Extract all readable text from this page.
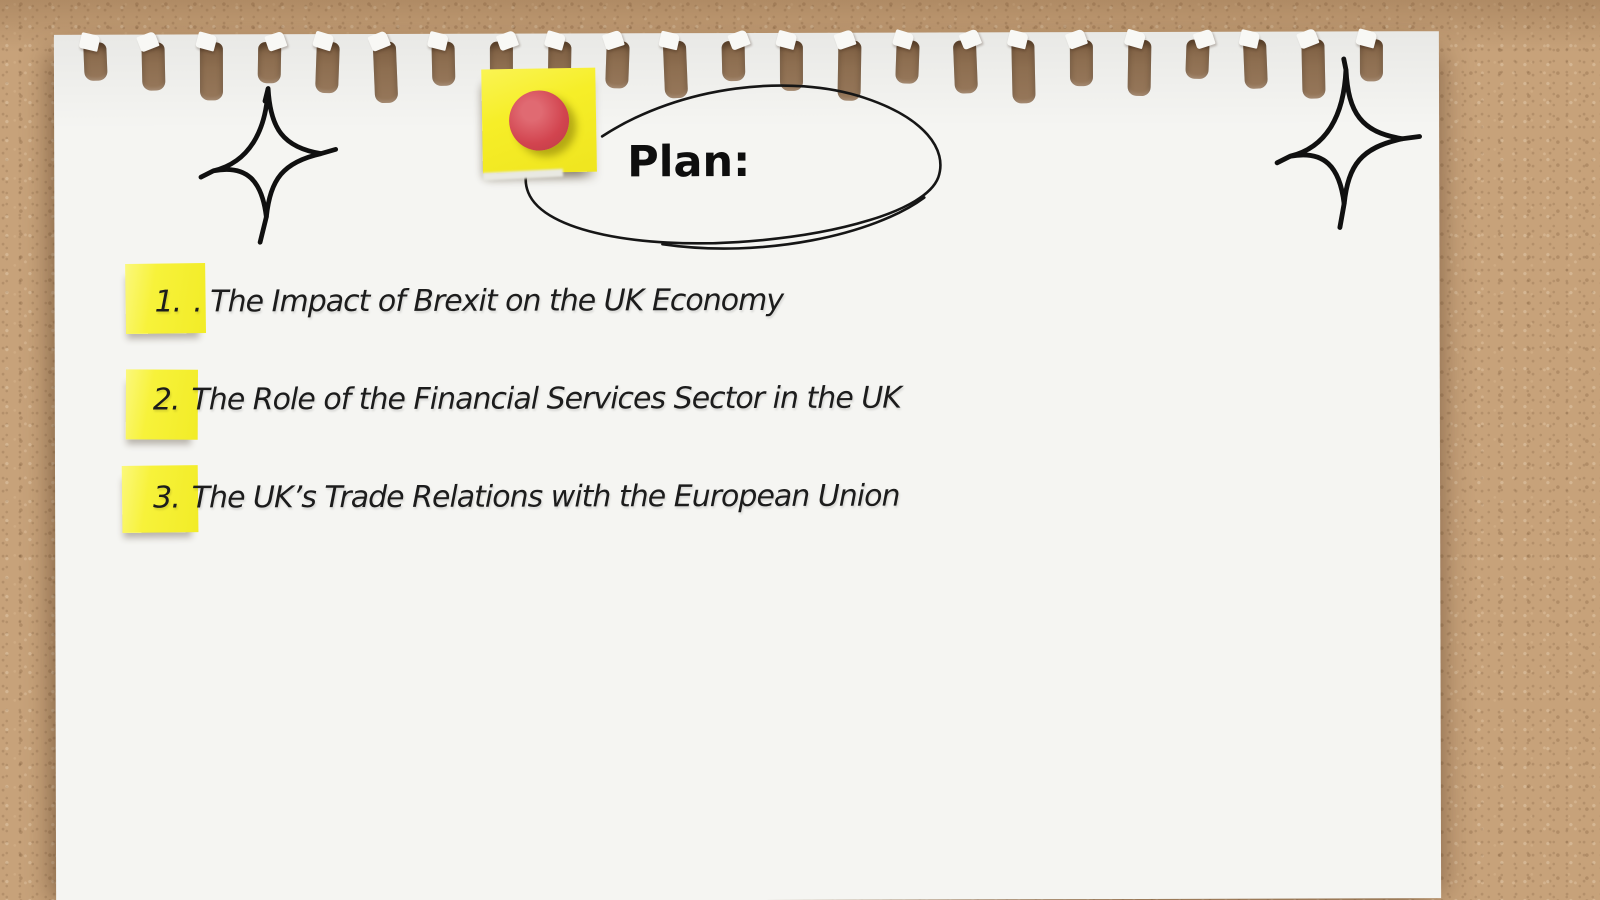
Plan:
1. . The Impact of Brexit on the UK Economy
2. The Role of the Financial Services Sector in the UK
3. The UK’s Trade Relations with the European Union
